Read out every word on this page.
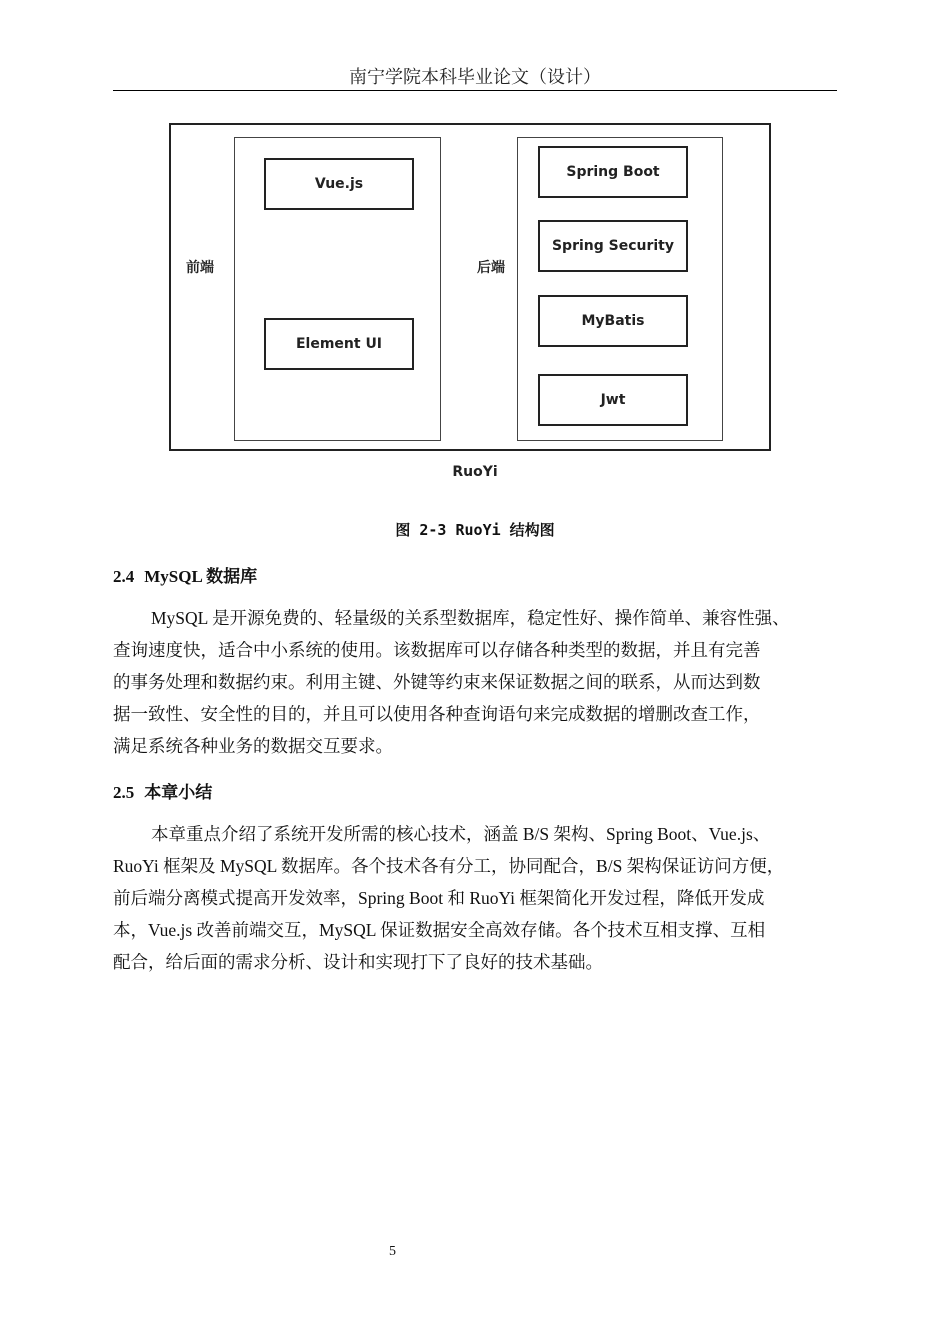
南宁学院本科毕业论文（设计）
Vue.js
Element UI
前端
Spring Boot
Spring Security
MyBatis
Jwt
后端
RuoYi
图 2-3 RuoYi 结构图
2.4 MySQL 数据库
MySQL 是开源免费的、轻量级的关系型数据库，稳定性好、操作简单、兼容性强、
查询速度快，适合中小系统的使用。该数据库可以存储各种类型的数据，并且有完善
的事务处理和数据约束。利用主键、外键等约束来保证数据之间的联系，从而达到数
据一致性、安全性的目的，并且可以使用各种查询语句来完成数据的增删改查工作，
满足系统各种业务的数据交互要求。
2.5 本章小结
本章重点介绍了系统开发所需的核心技术，涵盖 B/S 架构、Spring Boot、Vue.js、
RuoYi 框架及 MySQL 数据库。各个技术各有分工，协同配合，B/S 架构保证访问方便，
前后端分离模式提高开发效率，Spring Boot 和 RuoYi 框架简化开发过程，降低开发成
本，Vue.js 改善前端交互，MySQL 保证数据安全高效存储。各个技术互相支撑、互相
配合，给后面的需求分析、设计和实现打下了良好的技术基础。
5
